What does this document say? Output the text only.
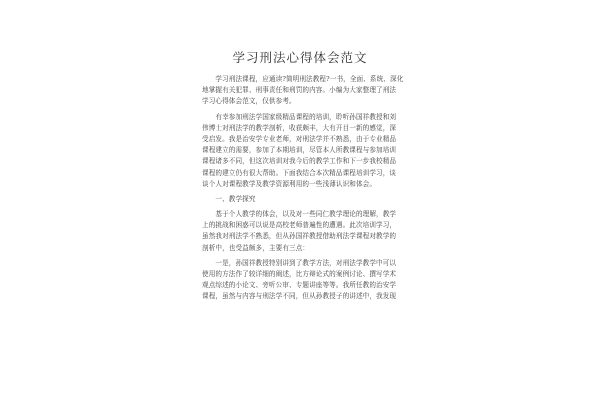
学习刑法心得体会范文
　　学习刑法课程，应通读?简明刑法教程?一书，全面、系统、深化
地掌握有关犯罪、刑事责任和刑罚的内容。小编为大家整理了刑法
学习心得体会范文，仅供参考。
　　有幸参加刑法学国家级精品课程的培训，聆听孙国祥教授和刘
伟博士对刑法学的教学剖析，收获颇丰，大有开目一新的感觉，深
受启发。我是治安学专业老师，对刑法学并不熟悉，由于专业精品
课程建立的需要，参加了本期培训，尽管本人所教课程与参加培训
课程诸多不同，但这次培训对我今后的教学工作和下一步我校精品
课程的建立仍有很大帮助。下面我结合本次精品课程培训学习，谈
谈个人对课程教学及教学资源利用的一些浅薄认识和体会。
　　一、教学探究
　　基于个人教学的体会，以及对一些同仁教学理论的理解，教学
上的挑战和困惑可以说是高校老师普遍性的遭遇。此次培训学习，
虽然我对刑法学不熟悉，但从孙国祥教授借助刑法学课程对教学的
剖析中，也受益颇多，主要有三点：
　　一是，孙国祥教授特别讲到了教学方法，对刑法学教学中可以
使用的方法作了较详细的阐述，比方辩论式的案例讨论、撰写学术
观点综述的小论文、旁听公审、专题讲座等等。我所任教的治安学
课程，虽然与内容与刑法学不同，但从孙教授子的讲述中，我发现
